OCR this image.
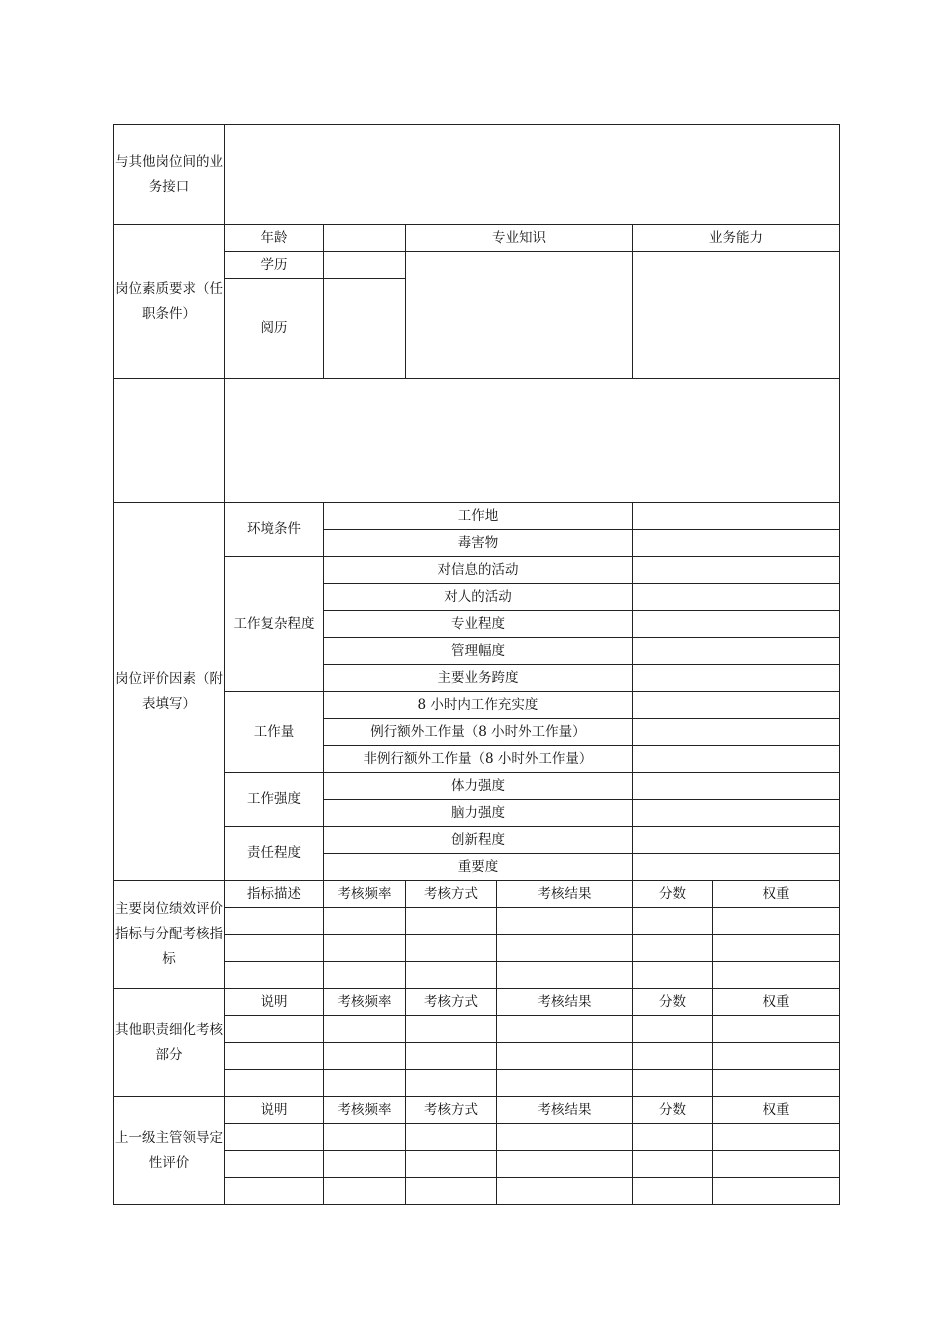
与其他岗位间的业务接口						
岗位素质要求（任职条件）	年龄		专业知识		业务能力	
	学历					
	阅历					

岗位评价因素（附表填写）	环境条件	工作地				
		毒害物				
	工作复杂程度	对信息的活动				
		对人的活动				
		专业程度				
		管理幅度				
		主要业务跨度				
	工作量	8 小时内工作充实度				
		例行额外工作量（8 小时外工作量）				
		非例行额外工作量（8 小时外工作量）				
	工作强度	体力强度				
		脑力强度				
	责任程度	创新程度				
		重要度				
主要岗位绩效评价指标与分配考核指标	指标描述	考核频率	考核方式	考核结果	分数	权重

其他职责细化考核部分	说明	考核频率	考核方式	考核结果	分数	权重

上一级主管领导定性评价	说明	考核频率	考核方式	考核结果	分数	权重
